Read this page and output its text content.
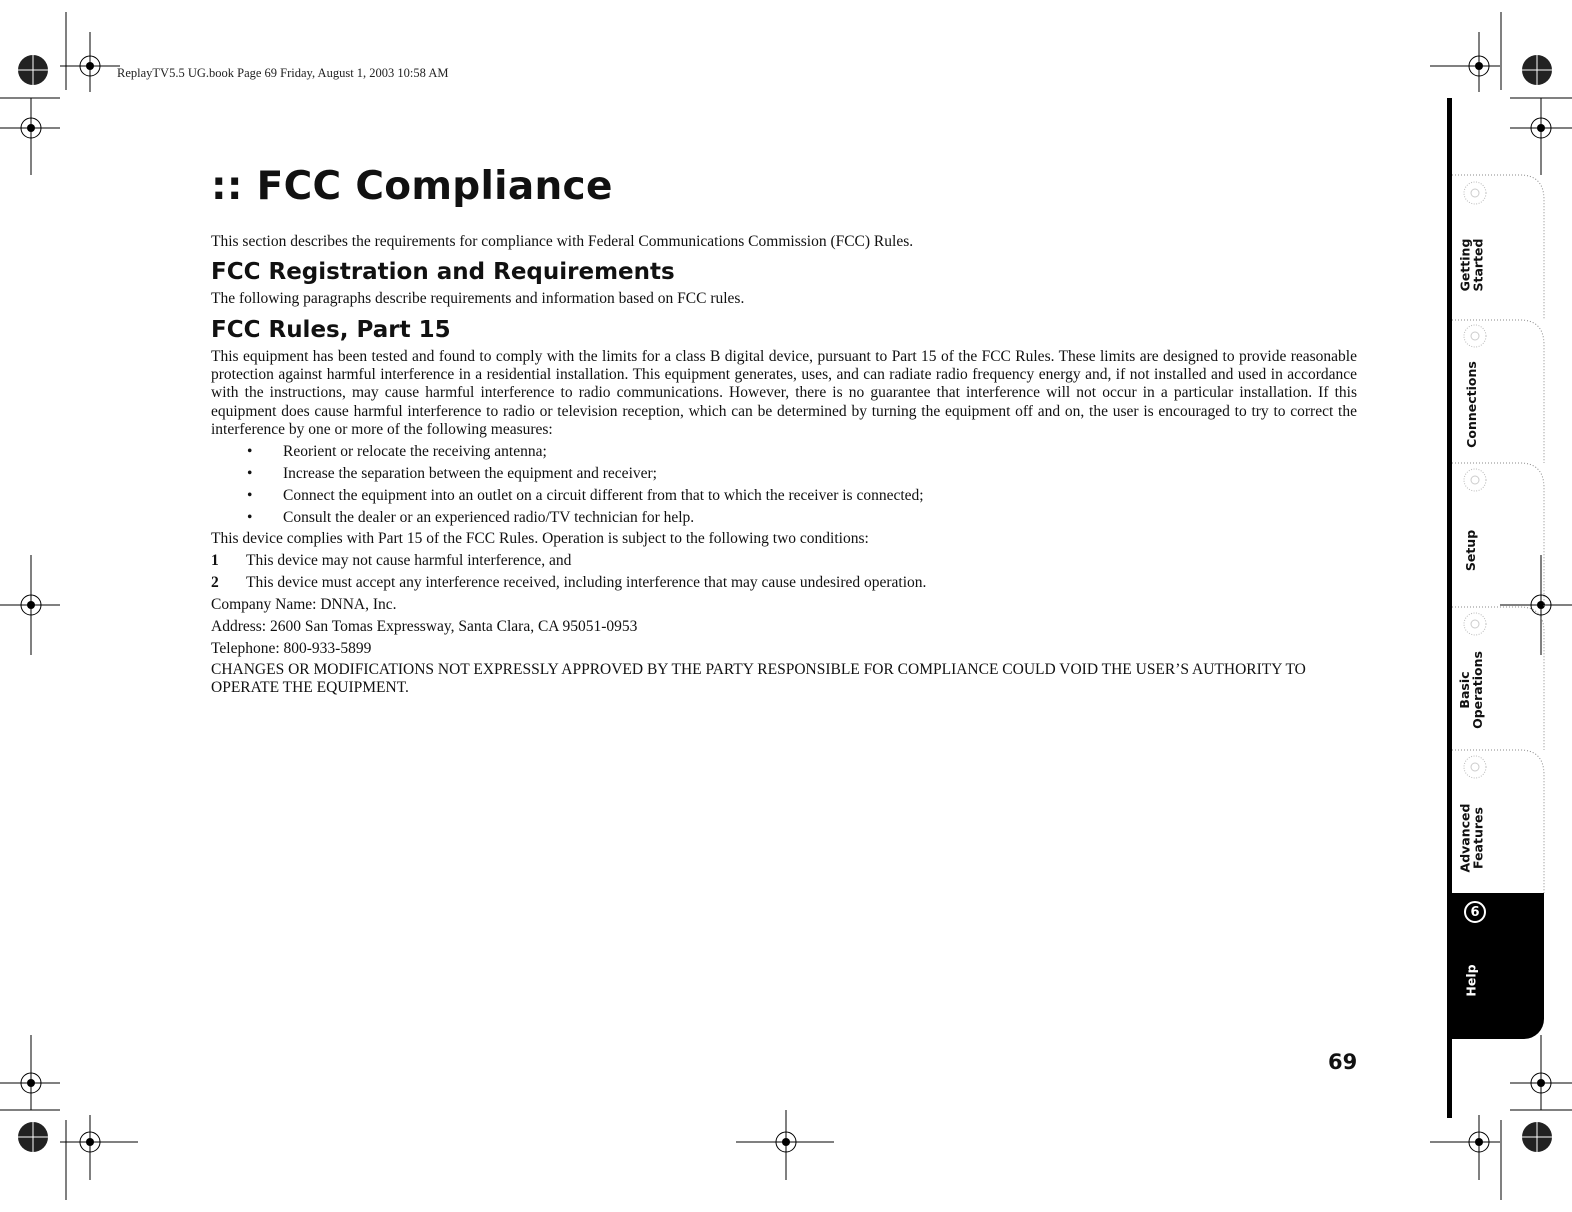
ReplayTV5.5 UG.book Page 69 Friday, August 1, 2003 10:58 AM
:: FCC Compliance
This section describes the requirements for compliance with Federal Communications Commission (FCC) Rules.
FCC Registration and Requirements
The following paragraphs describe requirements and information based on FCC rules.
FCC Rules, Part 15
This equipment has been tested and found to comply with the limits for a class B digital device, pursuant to Part 15 of the FCC Rules. These limits are designed to provide reasonable protection against harmful interference in a residential installation. This equipment generates, uses, and can radiate radio frequency energy and, if not installed and used in accordance with the instructions, may cause harmful interference to radio communications. However, there is no guarantee that interference will not occur in a particular installation. If this equipment does cause harmful interference to radio or television reception, which can be determined by turning the equipment off and on, the user is encouraged to try to correct the interference by one or more of the following measures:
• Reorient or relocate the receiving antenna;
• Increase the separation between the equipment and receiver;
• Connect the equipment into an outlet on a circuit different from that to which the receiver is connected;
• Consult the dealer or an experienced radio/TV technician for help.
This device complies with Part 15 of the FCC Rules. Operation is subject to the following two conditions:
1 This device may not cause harmful interference, and
2 This device must accept any interference received, including interference that may cause undesired operation.
Company Name: DNNA, Inc.
Address: 2600 San Tomas Expressway, Santa Clara, CA 95051-0953
Telephone: 800-933-5899
CHANGES OR MODIFICATIONS NOT EXPRESSLY APPROVED BY THE PARTY RESPONSIBLE FOR COMPLIANCE COULD VOID THE USER’S AUTHORITY TO OPERATE THE EQUIPMENT.
69
Getting
Started
Connections
Setup
Basic
Operations
Advanced
Features
6
Help
